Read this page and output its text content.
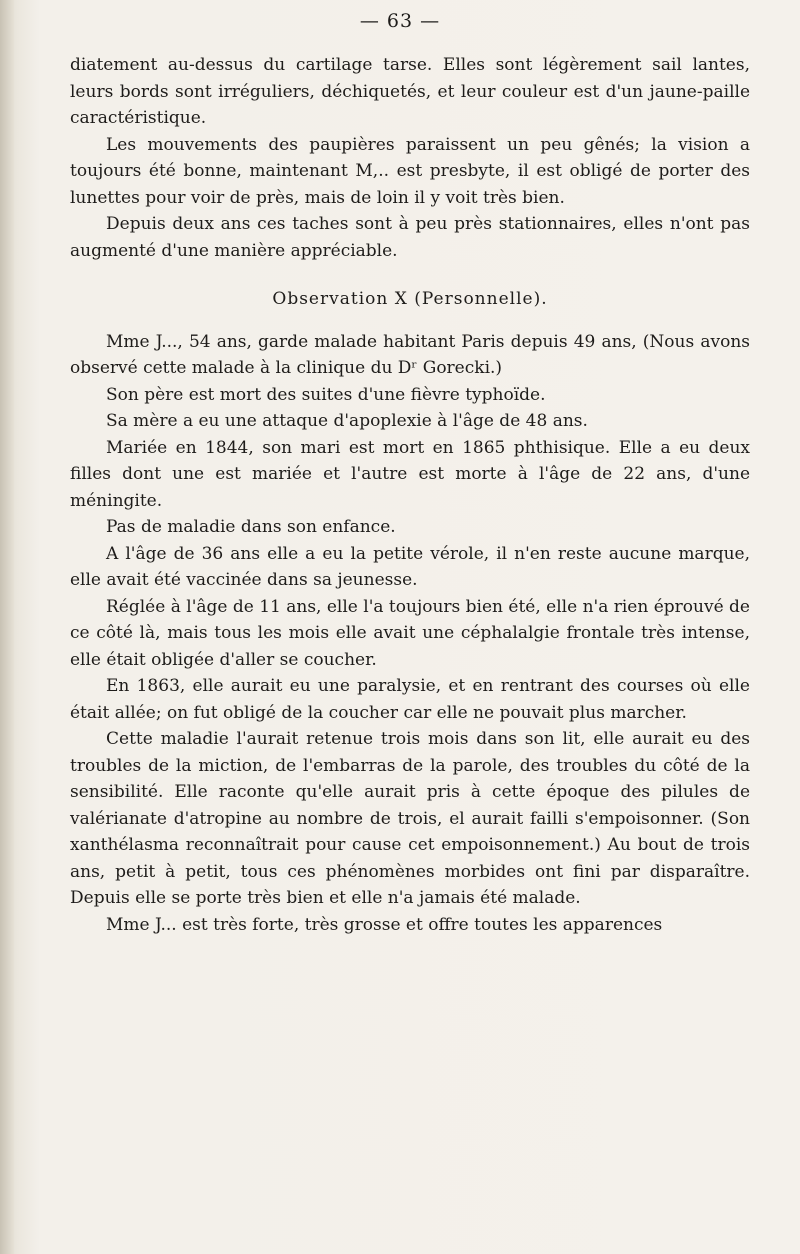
— 63 —

diatement au-dessus du cartilage tarse. Elles sont légèrement sail lantes, leurs bords sont irréguliers, déchiquetés, et leur couleur est d'un jaune-paille caractéristique.

Les mouvements des paupières paraissent un peu gênés; la vision a toujours été bonne, maintenant M,.. est presbyte, il est obligé de porter des lunettes pour voir de près, mais de loin il y voit très bien.

Depuis deux ans ces taches sont à peu près stationnaires, elles n'ont pas augmenté d'une manière appréciable.

Observation X (Personnelle).

Mme J..., 54 ans, garde malade habitant Paris depuis 49 ans, (Nous avons observé cette malade à la clinique du Dʳ Gorecki.)

Son père est mort des suites d'une fièvre typhoïde.

Sa mère a eu une attaque d'apoplexie à l'âge de 48 ans.

Mariée en 1844, son mari est mort en 1865 phthisique. Elle a eu deux filles dont une est mariée et l'autre est morte à l'âge de 22 ans, d'une méningite.

Pas de maladie dans son enfance.

A l'âge de 36 ans elle a eu la petite vérole, il n'en reste aucune marque, elle avait été vaccinée dans sa jeunesse.

Réglée à l'âge de 11 ans, elle l'a toujours bien été, elle n'a rien éprouvé de ce côté là, mais tous les mois elle avait une céphalalgie frontale très intense, elle était obligée d'aller se coucher.

En 1863, elle aurait eu une paralysie, et en rentrant des courses où elle était allée; on fut obligé de la coucher car elle ne pouvait plus marcher.

Cette maladie l'aurait retenue trois mois dans son lit, elle aurait eu des troubles de la miction, de l'embarras de la parole, des troubles du côté de la sensibilité. Elle raconte qu'elle aurait pris à cette époque des pilules de valérianate d'atropine au nombre de trois, el aurait failli s'empoisonner. (Son xanthélasma reconnaîtrait pour cause cet empoisonnement.) Au bout de trois ans, petit à petit, tous ces phénomènes morbides ont fini par disparaître. Depuis elle se porte très bien et elle n'a jamais été malade.

Mme J... est très forte, très grosse et offre toutes les apparences
